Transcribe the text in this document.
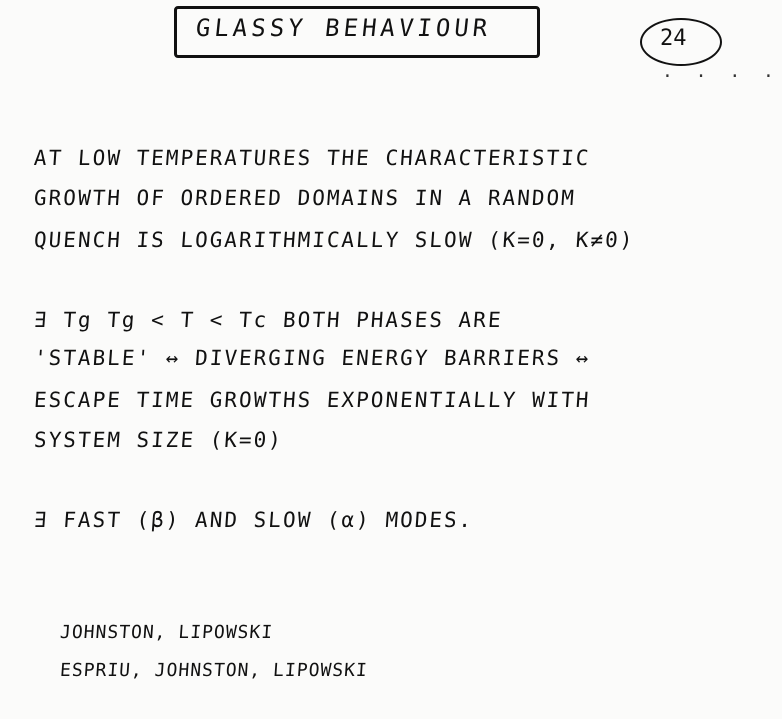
GLASSY BEHAVIOUR	24
· · · ·
AT LOW TEMPERATURES THE CHARACTERISTIC
GROWTH OF ORDERED DOMAINS IN A RANDOM
QUENCH IS LOGARITHMICALLY SLOW (K=0, K≠0)
∃ Tg Tg < T < Tc BOTH PHASES ARE
'STABLE' ↔ DIVERGING ENERGY BARRIERS ↔
ESCAPE TIME GROWTHS EXPONENTIALLY WITH
SYSTEM SIZE (K=0)
∃ FAST (β) AND SLOW (α) MODES.
JOHNSTON, LIPOWSKI
ESPRIU, JOHNSTON, LIPOWSKI
